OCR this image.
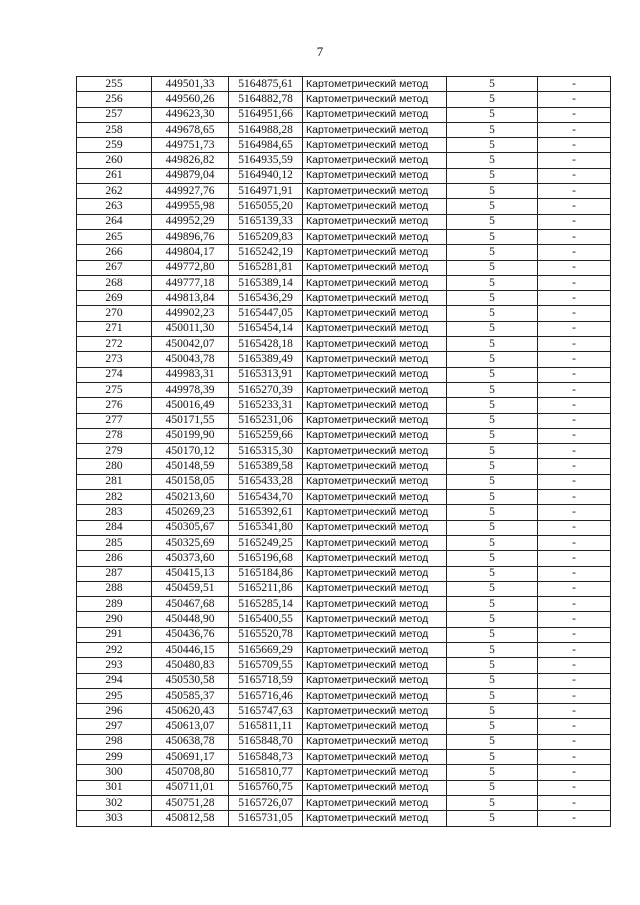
7
255	449501,33	5164875,61	Картометрический метод	5	-
256	449560,26	5164882,78	Картометрический метод	5	-
257	449623,30	5164951,66	Картометрический метод	5	-
258	449678,65	5164988,28	Картометрический метод	5	-
259	449751,73	5164984,65	Картометрический метод	5	-
260	449826,82	5164935,59	Картометрический метод	5	-
261	449879,04	5164940,12	Картометрический метод	5	-
262	449927,76	5164971,91	Картометрический метод	5	-
263	449955,98	5165055,20	Картометрический метод	5	-
264	449952,29	5165139,33	Картометрический метод	5	-
265	449896,76	5165209,83	Картометрический метод	5	-
266	449804,17	5165242,19	Картометрический метод	5	-
267	449772,80	5165281,81	Картометрический метод	5	-
268	449777,18	5165389,14	Картометрический метод	5	-
269	449813,84	5165436,29	Картометрический метод	5	-
270	449902,23	5165447,05	Картометрический метод	5	-
271	450011,30	5165454,14	Картометрический метод	5	-
272	450042,07	5165428,18	Картометрический метод	5	-
273	450043,78	5165389,49	Картометрический метод	5	-
274	449983,31	5165313,91	Картометрический метод	5	-
275	449978,39	5165270,39	Картометрический метод	5	-
276	450016,49	5165233,31	Картометрический метод	5	-
277	450171,55	5165231,06	Картометрический метод	5	-
278	450199,90	5165259,66	Картометрический метод	5	-
279	450170,12	5165315,30	Картометрический метод	5	-
280	450148,59	5165389,58	Картометрический метод	5	-
281	450158,05	5165433,28	Картометрический метод	5	-
282	450213,60	5165434,70	Картометрический метод	5	-
283	450269,23	5165392,61	Картометрический метод	5	-
284	450305,67	5165341,80	Картометрический метод	5	-
285	450325,69	5165249,25	Картометрический метод	5	-
286	450373,60	5165196,68	Картометрический метод	5	-
287	450415,13	5165184,86	Картометрический метод	5	-
288	450459,51	5165211,86	Картометрический метод	5	-
289	450467,68	5165285,14	Картометрический метод	5	-
290	450448,90	5165400,55	Картометрический метод	5	-
291	450436,76	5165520,78	Картометрический метод	5	-
292	450446,15	5165669,29	Картометрический метод	5	-
293	450480,83	5165709,55	Картометрический метод	5	-
294	450530,58	5165718,59	Картометрический метод	5	-
295	450585,37	5165716,46	Картометрический метод	5	-
296	450620,43	5165747,63	Картометрический метод	5	-
297	450613,07	5165811,11	Картометрический метод	5	-
298	450638,78	5165848,70	Картометрический метод	5	-
299	450691,17	5165848,73	Картометрический метод	5	-
300	450708,80	5165810,77	Картометрический метод	5	-
301	450711,01	5165760,75	Картометрический метод	5	-
302	450751,28	5165726,07	Картометрический метод	5	-
303	450812,58	5165731,05	Картометрический метод	5	-
